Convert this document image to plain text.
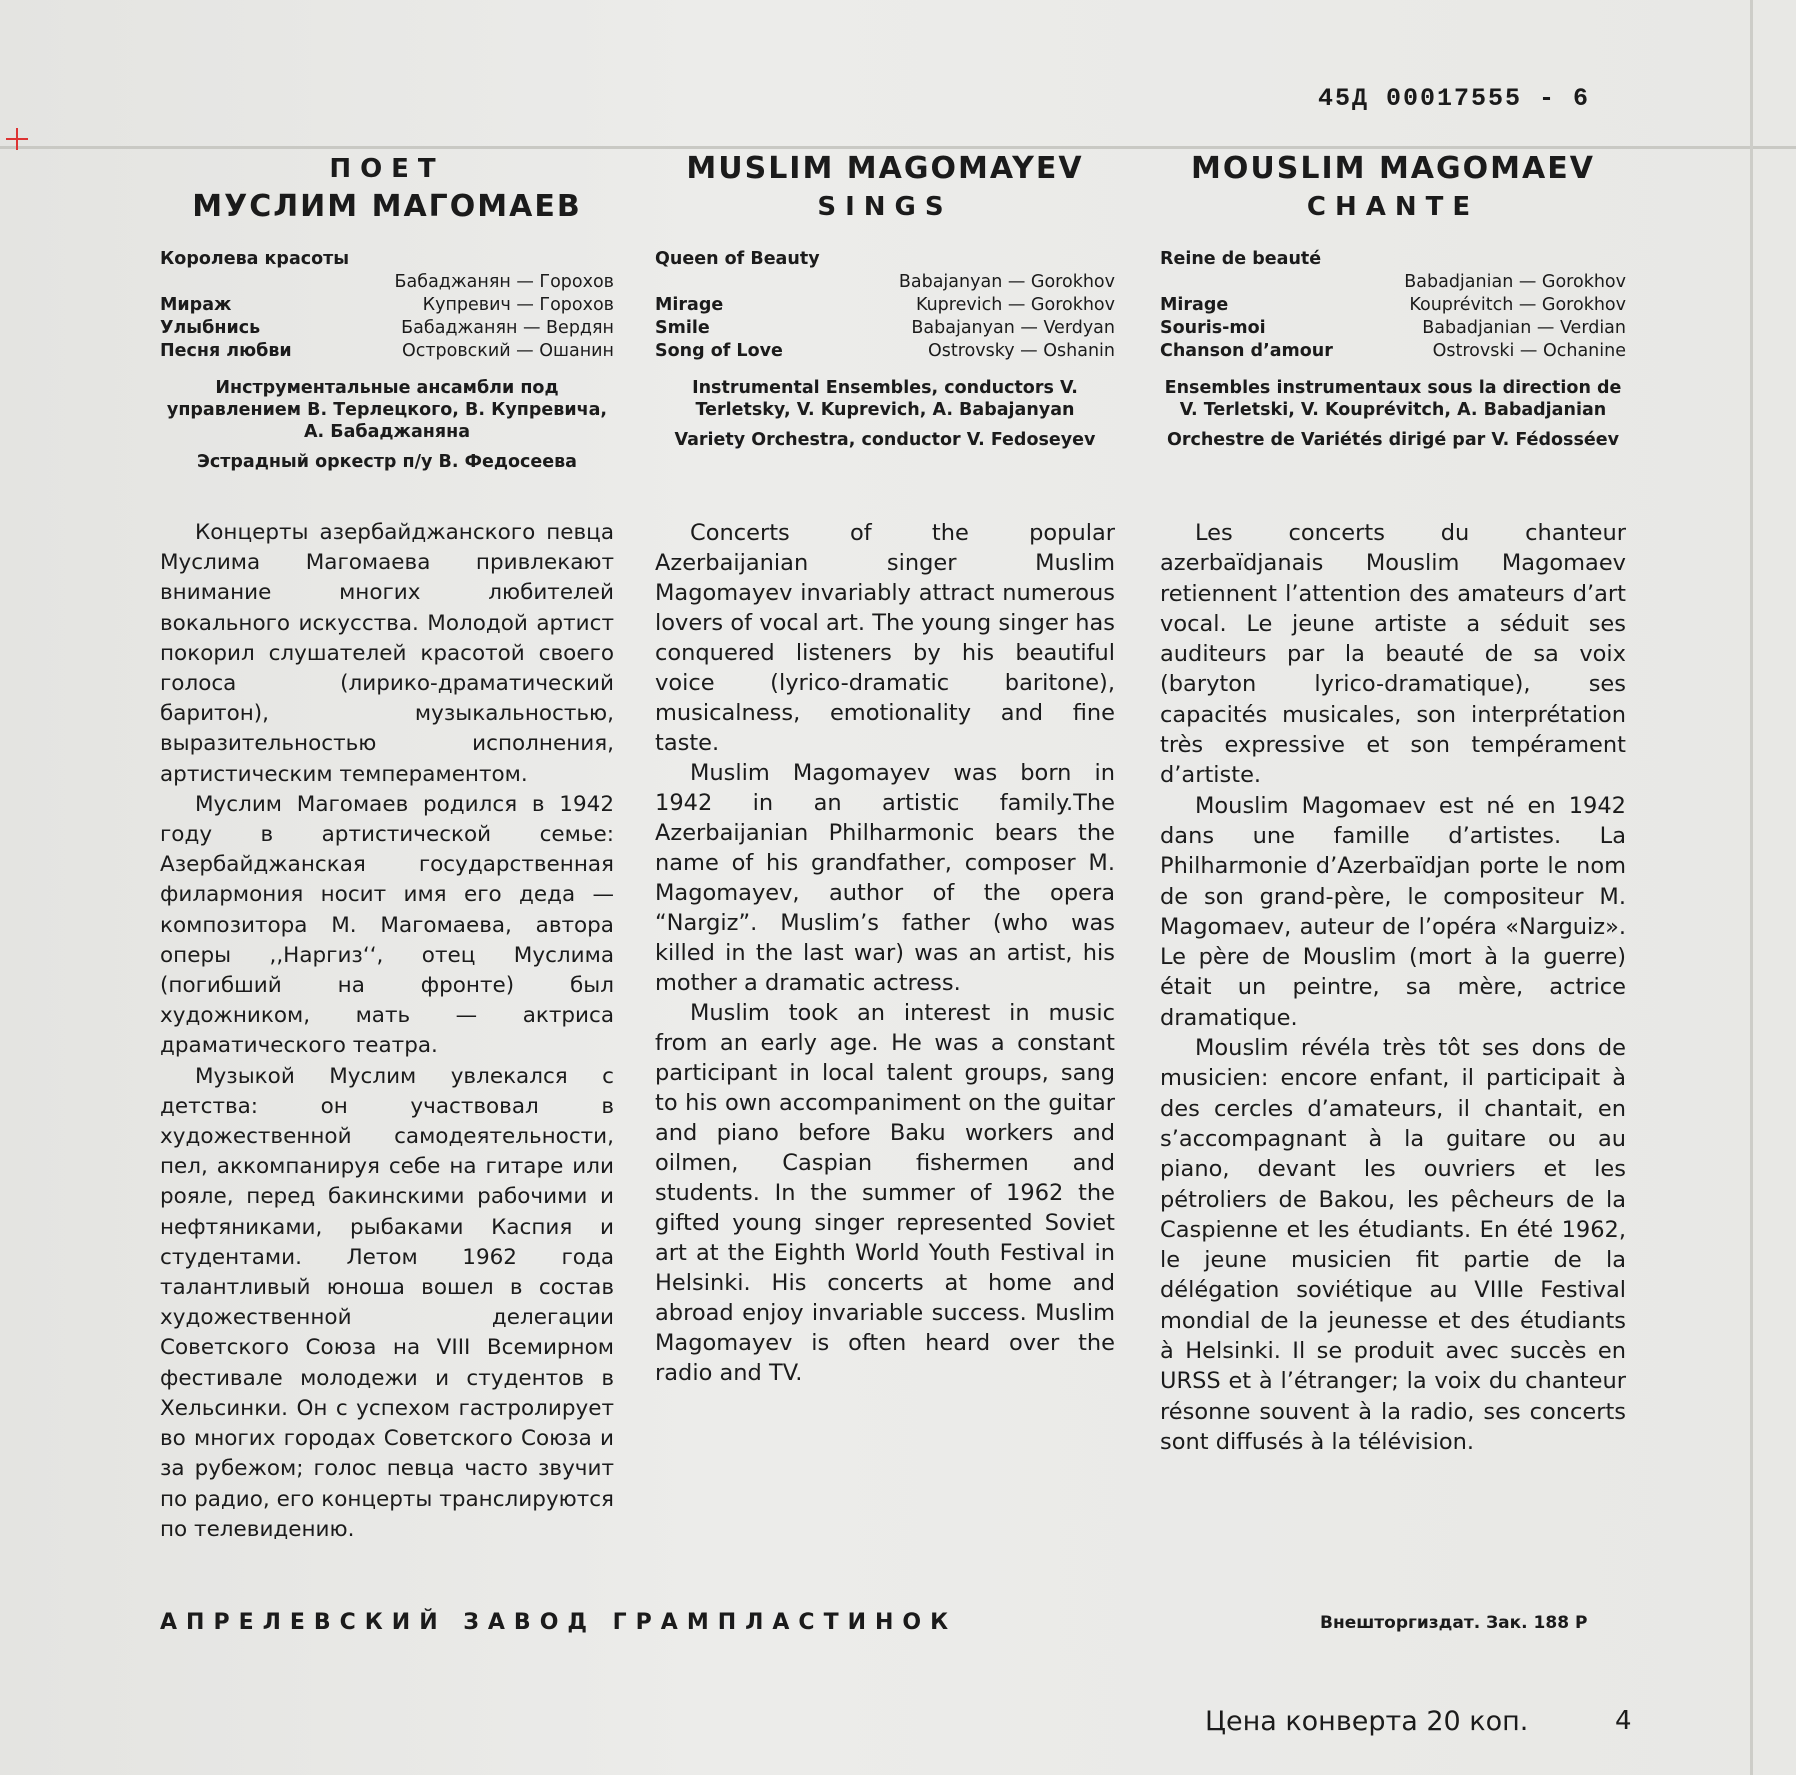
45Д 00017555 - 6
ПОЕТ
МУСЛИМ МАГОМАЕВ
Королева красоты	
	Бабаджанян — Горохов
Мираж	Купревич — Горохов
Улыбнись	Бабаджанян — Вердян
Песня любви	Островский — Ошанин

Инструментальные ансамбли под управлением В. Терлецкого, В. Купревича, А. Бабаджаняна

Эстрадный оркестр п/у В. Федосеева

MUSLIM MAGOMAYEV
SINGS
Queen of Beauty	
	Babajanyan — Gorokhov
Mirage	Kuprevich — Gorokhov
Smile	Babajanyan — Verdyan
Song of Love	Ostrovsky — Oshanin

Instrumental Ensembles, conductors V. Terletsky, V. Kuprevich, A. Babajanyan

Variety Orchestra, conductor V. Fedoseyev

MOUSLIM MAGOMAEV
CHANTE
Reine de beauté	
	Babadjanian — Gorokhov
Mirage	Kouprévitch — Gorokhov
Souris-moi	Babadjanian — Verdian
Chanson d’amour	Ostrovski — Ochanine

Ensembles instrumentaux sous la direction de V. Terletski, V. Kouprévitch, A. Babadjanian

Orchestre de Variétés dirigé par V. Fédosséev

Концерты азербайджанского певца Муслима Магомаева привлекают внимание многих любителей вокального искусства. Молодой артист покорил слушателей красотой своего голоса (лирико-драматический баритон), музыкальностью, выразительностью исполнения, артистическим темпераментом.

Муслим Магомаев родился в 1942 году в артистической семье: Азербайджанская государственная филармония носит имя его деда — композитора М. Магомаева, автора оперы ,,Наргиз‘‘, отец Муслима (погибший на фронте) был художником, мать — актриса драматического театра.

Музыкой Муслим увлекался с детства: он участвовал в художественной самодеятельности, пел, аккомпанируя себе на гитаре или рояле, перед бакинскими рабочими и нефтяниками, рыбаками Каспия и студентами. Летом 1962 года талантливый юноша вошел в состав художественной делегации Советского Союза на VIII Всемирном фестивале молодежи и студентов в Хельсинки. Он с успехом гастролирует во многих городах Советского Союза и за рубежом; голос певца часто звучит по радио, его концерты транслируются по телевидению.

Concerts of the popular Azerbaijanian singer Muslim Magomayev invariably attract numerous lovers of vocal art. The young singer has conquered listeners by his beautiful voice (lyrico-dramatic baritone), musicalness, emotionality and fine taste.

Muslim Magomayev was born in 1942 in an artistic family.The Azerbaijanian Philharmonic bears the name of his grandfather, composer M. Magomayev, author of the opera “Nargiz”. Muslim’s father (who was killed in the last war) was an artist, his mother a dramatic actress.

Muslim took an interest in music from an early age. He was a constant participant in local talent groups, sang to his own accompaniment on the guitar and piano before Baku workers and oilmen, Caspian fishermen and students. In the summer of 1962 the gifted young singer represented Soviet art at the Eighth World Youth Festival in Helsinki. His concerts at home and abroad enjoy invariable success. Muslim Magomayev is often heard over the radio and TV.

Les concerts du chanteur azerbaïdjanais Mouslim Magomaev retiennent l’attention des amateurs d’art vocal. Le jeune artiste a séduit ses auditeurs par la beauté de sa voix (baryton lyrico-dramatique), ses capacités musicales, son interprétation très expressive et son tempérament d’artiste.

Mouslim Magomaev est né en 1942 dans une famille d’artistes. La Philharmonie d’Azerbaïdjan porte le nom de son grand-père, le compositeur M. Magomaev, auteur de l’opéra «Narguiz». Le père de Mouslim (mort à la guerre) était un peintre, sa mère, actrice dramatique.

Mouslim révéla très tôt ses dons de musicien: encore enfant, il participait à des cercles d’amateurs, il chantait, en s’accompagnant à la guitare ou au piano, devant les ouvriers et les pétroliers de Bakou, les pêcheurs de la Caspienne et les étudiants. En été 1962, le jeune musicien fit partie de la délégation soviétique au VIIIe Festival mondial de la jeunesse et des étudiants à Helsinki. Il se produit avec succès en URSS et à l’étranger; la voix du chanteur résonne souvent à la radio, ses concerts sont diffusés à la télévision.

АПРЕЛЕВСКИЙ ЗАВОД ГРАМПЛАСТИНОК	Внешторгиздат. Зак. 188 Р
Цена конверта 20 коп.	4
